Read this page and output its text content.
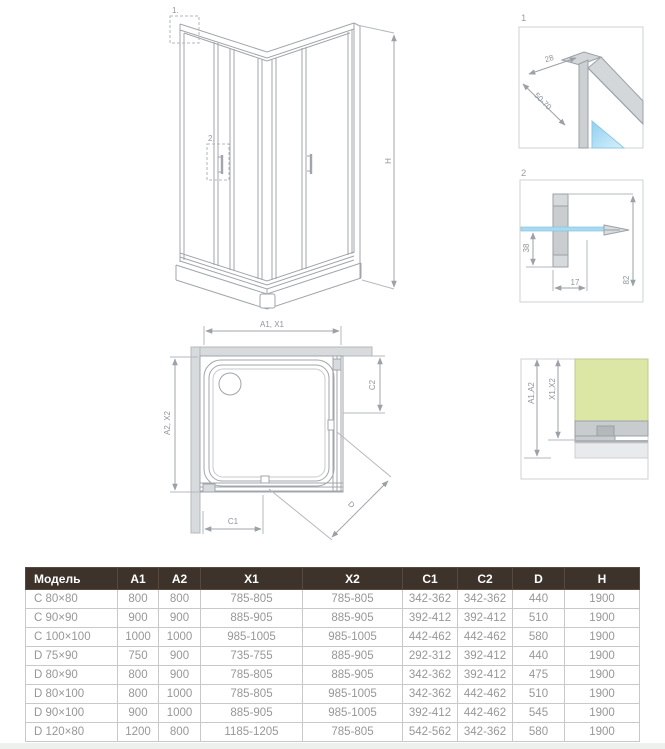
H
1.
2.
1
28
50-70
2
38
17	82
A1, X1
A2, X2
C2
C1
D
A1,A2 X1,X2
Модель	A1	A2	X1	X2	C1	C2	D	H
C 80×80	800	800	785-805	785-805	342-362	342-362	440	1900
C 90×90	900	900	885-905	885-905	392-412	392-412	510	1900
C 100×100	1000	1000	985-1005	985-1005	442-462	442-462	580	1900
D 75×90	750	900	735-755	885-905	292-312	392-412	440	1900
D 80×90	800	900	785-805	885-905	342-362	392-412	475	1900
D 80×100	800	1000	785-805	985-1005	342-362	442-462	510	1900
D 90×100	900	1000	885-905	985-1005	392-412	442-462	545	1900
D 120×80	1200	800	1185-1205	785-805	542-562	342-362	580	1900
